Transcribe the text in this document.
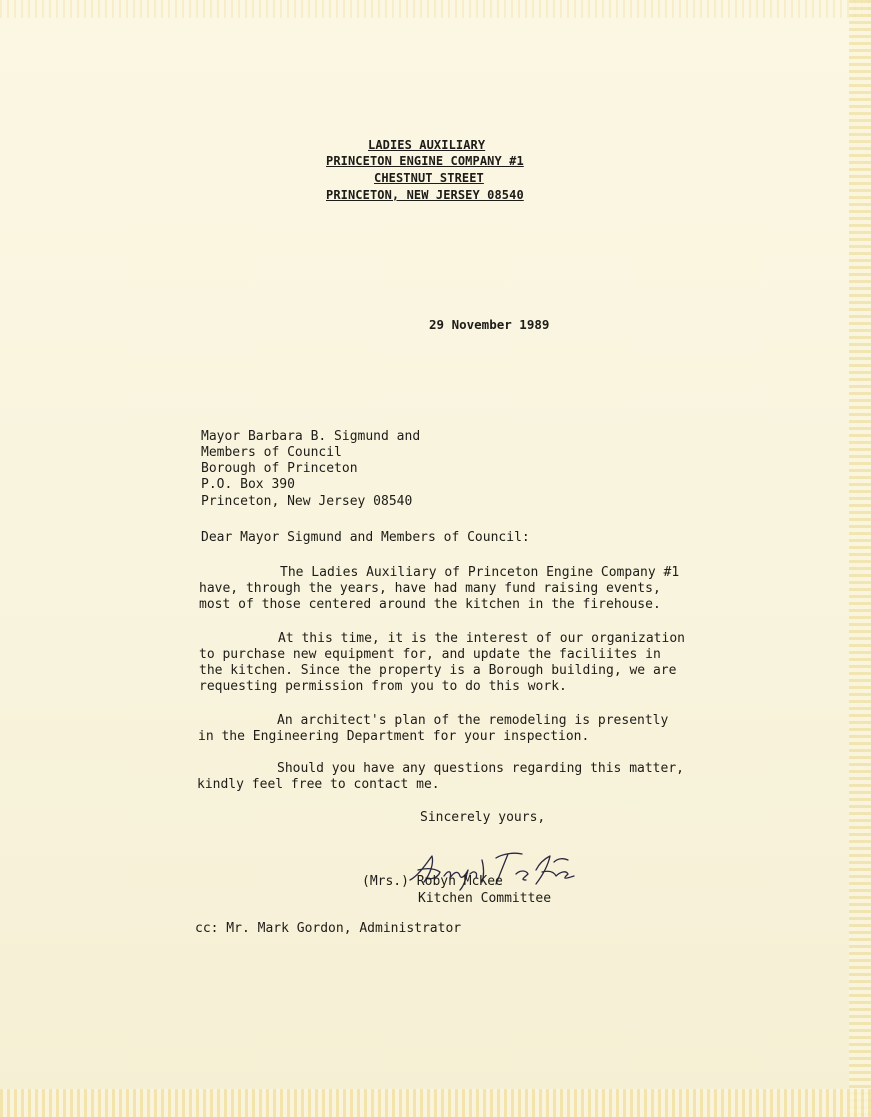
LADIES AUXILIARY
PRINCETON ENGINE COMPANY #1
CHESTNUT STREET
PRINCETON, NEW JERSEY 08540
29 November 1989
Mayor Barbara B. Sigmund and
Members of Council
Borough of Princeton
P.O. Box 390
Princeton, New Jersey 08540
Dear Mayor Sigmund and Members of Council:
The Ladies Auxiliary of Princeton Engine Company #1
have, through the years, have had many fund raising events,
most of those centered around the kitchen in the firehouse.
At this time, it is the interest of our organization
to purchase new equipment for, and update the faciliites in
the kitchen. Since the property is a Borough building, we are
requesting permission from you to do this work.
An architect's plan of the remodeling is presently
in the Engineering Department for your inspection.
Should you have any questions regarding this matter,
kindly feel free to contact me.
Sincerely yours,
(Mrs.) Robyn McKee
Kitchen Committee
cc: Mr. Mark Gordon, Administrator
